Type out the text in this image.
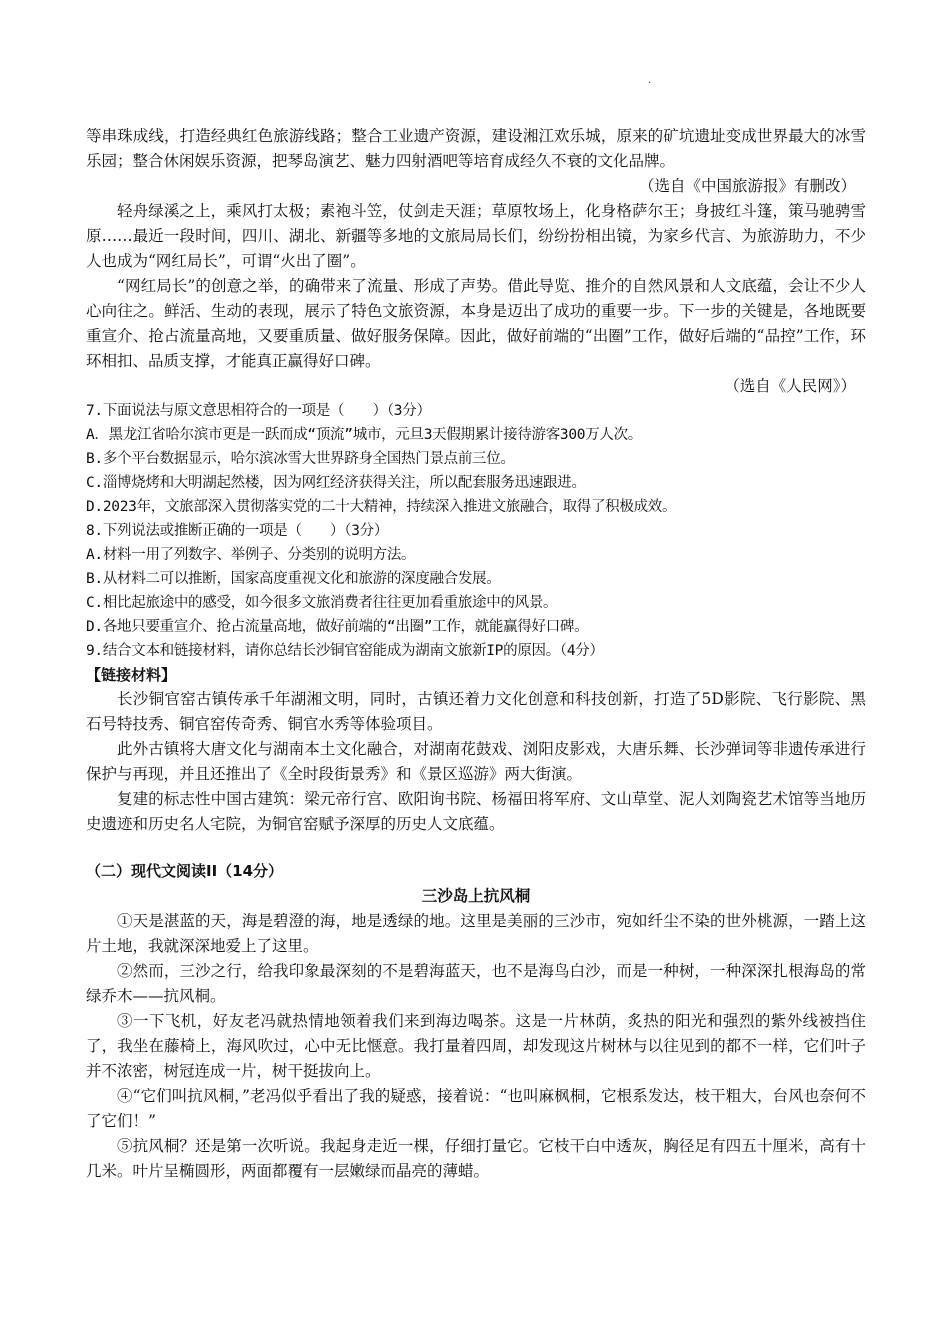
·

等串珠成线，打造经典红色旅游线路；整合工业遗产资源，建设湘江欢乐城，原来的矿坑遗址变成世界最大的冰雪乐园；整合休闲娱乐资源，把琴岛演艺、魅力四射酒吧等培育成经久不衰的文化品牌。

（选自《中国旅游报》有删改）

轻舟绿溪之上，乘风打太极；素袍斗笠，仗剑走天涯；草原牧场上，化身格萨尔王；身披红斗篷，策马驰骋雪原……最近一段时间，四川、湖北、新疆等多地的文旅局局长们，纷纷扮相出镜，为家乡代言、为旅游助力，不少人也成为“网红局长”，可谓“火出了圈”。

“网红局长”的创意之举，的确带来了流量、形成了声势。借此导览、推介的自然风景和人文底蕴，会让不少人心向往之。鲜活、生动的表现，展示了特色文旅资源，本身是迈出了成功的重要一步。下一步的关键是，各地既要重宣介、抢占流量高地，又要重质量、做好服务保障。因此，做好前端的“出圈”工作，做好后端的“品控”工作，环环相扣、品质支撑，才能真正赢得好口碑。

（选自《人民网》）

7.下面说法与原文意思相符合的一项是（　　）（3分）

A．黑龙江省哈尔滨市更是一跃而成“顶流”城市，元旦3天假期累计接待游客300万人次。

B.多个平台数据显示，哈尔滨冰雪大世界跻身全国热门景点前三位。

C.淄博烧烤和大明湖起然楼，因为网红经济获得关注，所以配套服务迅速跟进。

D.2023年，文旅部深入贯彻落实党的二十大精神，持续深入推进文旅融合，取得了积极成效。

8.下列说法或推断正确的一项是（　　）（3分）

A.材料一用了列数字、举例子、分类别的说明方法。

B.从材料二可以推断，国家高度重视文化和旅游的深度融合发展。

C.相比起旅途中的感受，如今很多文旅消费者往往更加看重旅途中的风景。

D.各地只要重宣介、抢占流量高地，做好前端的“出圈”工作，就能赢得好口碑。

9.结合文本和链接材料，请你总结长沙铜官窑能成为湖南文旅新IP的原因。（4分）

【链接材料】

长沙铜官窑古镇传承千年湖湘文明，同时，古镇还着力文化创意和科技创新，打造了5D影院、飞行影院、黑石号特技秀、铜官窑传奇秀、铜官水秀等体验项目。

此外古镇将大唐文化与湖南本土文化融合，对湖南花鼓戏、浏阳皮影戏，大唐乐舞、长沙弹词等非遗传承进行保护与再现，并且还推出了《全时段街景秀》和《景区巡游》两大街演。

复建的标志性中国古建筑：梁元帝行宫、欧阳询书院、杨福田将军府、文山草堂、泥人刘陶瓷艺术馆等当地历史遗迹和历史名人宅院，为铜官窑赋予深厚的历史人文底蕴。

（二）现代文阅读II（14分）

三沙岛上抗风桐

①天是湛蓝的天，海是碧澄的海，地是透绿的地。这里是美丽的三沙市，宛如纤尘不染的世外桃源，一踏上这片土地，我就深深地爱上了这里。

②然而，三沙之行，给我印象最深刻的不是碧海蓝天，也不是海鸟白沙，而是一种树，一种深深扎根海岛的常绿乔木——抗风桐。

③一下飞机，好友老冯就热情地领着我们来到海边喝茶。这是一片林荫，炙热的阳光和强烈的紫外线被挡住了，我坐在藤椅上，海风吹过，心中无比惬意。我打量着四周，却发现这片树林与以往见到的都不一样，它们叶子并不浓密，树冠连成一片，树干挺拔向上。

④“它们叫抗风桐，”老冯似乎看出了我的疑惑，接着说：“也叫麻枫桐，它根系发达，枝干粗大，台风也奈何不了它们！”

⑤抗风桐？还是第一次听说。我起身走近一棵，仔细打量它。它枝干白中透灰，胸径足有四五十厘米，高有十几米。叶片呈椭圆形，两面都覆有一层嫩绿而晶亮的薄蜡。
